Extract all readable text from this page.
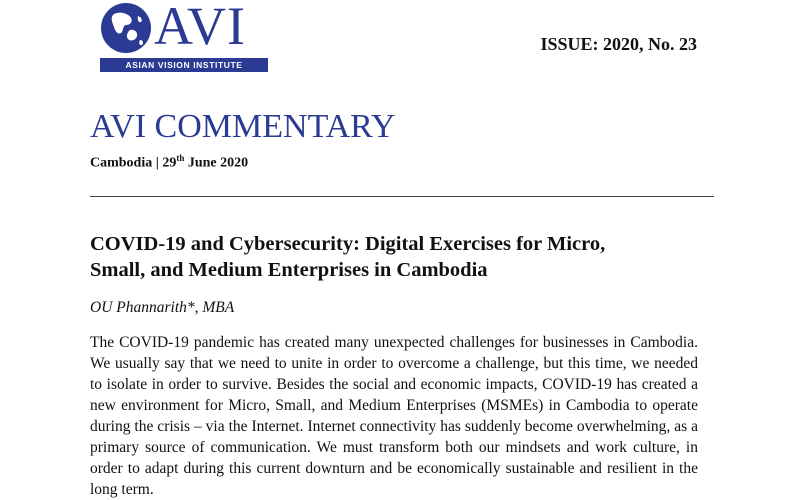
AVI
ASIAN VISION INSTITUTE
ISSUE: 2020, No. 23
AVI COMMENTARY
Cambodia | 29th June 2020
COVID-19 and Cybersecurity: Digital Exercises for Micro,
Small, and Medium Enterprises in Cambodia
OU Phannarith*, MBA

The COVID-19 pandemic has created many unexpected challenges for businesses in Cambodia. We usually say that we need to unite in order to overcome a challenge, but this time, we needed to isolate in order to survive. Besides the social and economic impacts, COVID-19 has created a new environment for Micro, Small, and Medium Enterprises (MSMEs) in Cambodia to operate during the crisis – via the Internet. Internet connectivity has suddenly become overwhelming, as a primary source of communication. We must transform both our mindsets and work culture, in order to adapt during this current downturn and be economically sustainable and resilient in the long term.
